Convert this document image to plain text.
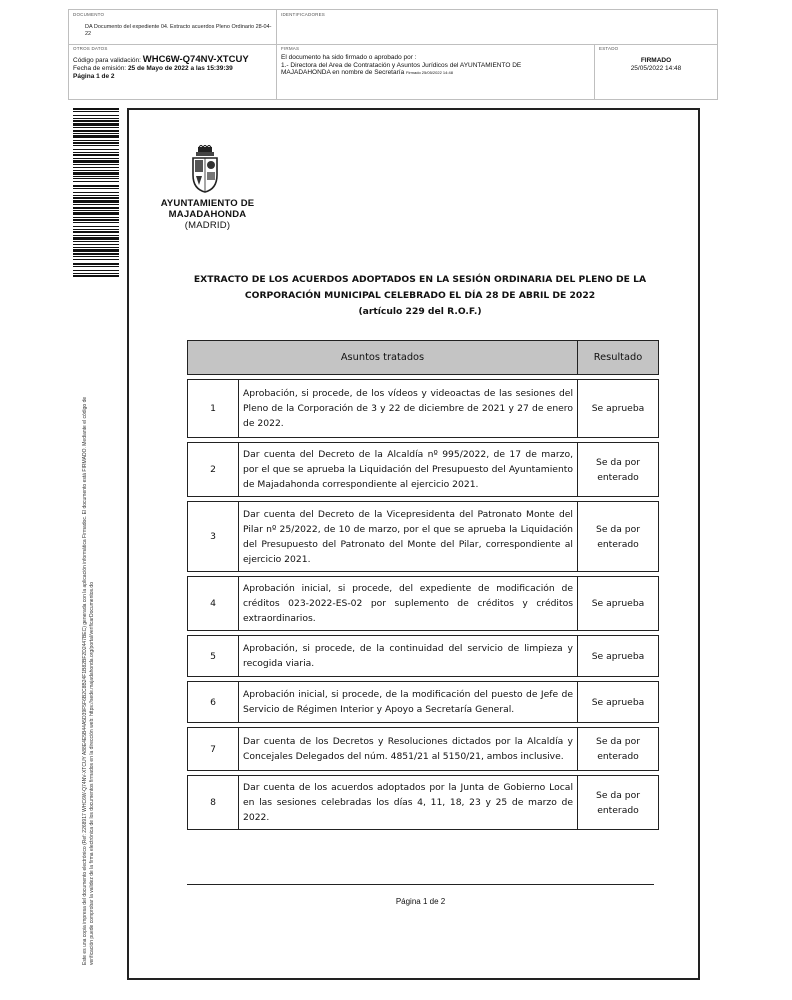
DOCUMENTO
DA Documento del expediente 04. Extracto acuerdos Pleno Ordinario 28-04-22
IDENTIFICADORES
OTROS DATOS
Código para validación: WHC6W-Q74NV-XTCUY
Fecha de emisión: 25 de Mayo de 2022 a las 15:39:39
Página 1 de 2
FIRMAS
El documento ha sido firmado o aprobado por :
1.- Directora del Area de Contratación y Asuntos Jurídicos del AYUNTAMIENTO DE
MAJADAHONDA en nombre de Secretaría Firmado 25/05/2022 14:48
ESTADO
FIRMADO
25/05/2022 14:48
Este es una copia impresa del documento electrónico (Ref: 2268917 WHC6W-Q74NV-XTCUY A88E4E5B44A5D39F5F6B2C8B24F1B82BF2D2447BEC) generada con la aplicación informática Firmadoc. El documento está FIRMADO. Mediante el código de verificación puede comprobar la validez de la firma electrónica de los documentos firmados en la dirección web: https://sede.majadahonda.org/portal/verificarDocumentos.do
AYUNTAMIENTO DE
MAJADAHONDA
(MADRID)
EXTRACTO DE LOS ACUERDOS ADOPTADOS EN LA SESIÓN ORDINARIA DEL PLENO DE LA
CORPORACIÓN MUNICIPAL CELEBRADO EL DÍA 28 DE ABRIL DE 2022
(artículo 229 del R.O.F.)
Asuntos tratados		Resultado

1	Aprobación, si procede, de los vídeos y videoactas de las sesiones del Pleno de la Corporación de 3 y 22 de diciembre de 2021 y 27 de enero de 2022.	Se aprueba

2	Dar cuenta del Decreto de la Alcaldía nº 995/2022, de 17 de marzo, por el que se aprueba la Liquidación del Presupuesto del Ayuntamiento de Majadahonda correspondiente al ejercicio 2021.	Se da por enterado

3	Dar cuenta del Decreto de la Vicepresidenta del Patronato Monte del Pilar nº 25/2022, de 10 de marzo, por el que se aprueba la Liquidación del Presupuesto del Patronato del Monte del Pilar, correspondiente al ejercicio 2021.	Se da por enterado

4	Aprobación inicial, si procede, del expediente de modificación de créditos 023-2022-ES-02 por suplemento de créditos y créditos extraordinarios.	Se aprueba

5	Aprobación, si procede, de la continuidad del servicio de limpieza y recogida viaria.	Se aprueba

6	Aprobación inicial, si procede, de la modificación del puesto de Jefe de Servicio de Régimen Interior y Apoyo a Secretaría General.	Se aprueba

7	Dar cuenta de los Decretos y Resoluciones dictados por la Alcaldía y Concejales Delegados del núm. 4851/21 al 5150/21, ambos inclusive.	Se da por enterado

8	Dar cuenta de los acuerdos adoptados por la Junta de Gobierno Local en las sesiones celebradas los días 4, 11, 18, 23 y 25 de marzo de 2022.	Se da por enterado
Página 1 de 2
